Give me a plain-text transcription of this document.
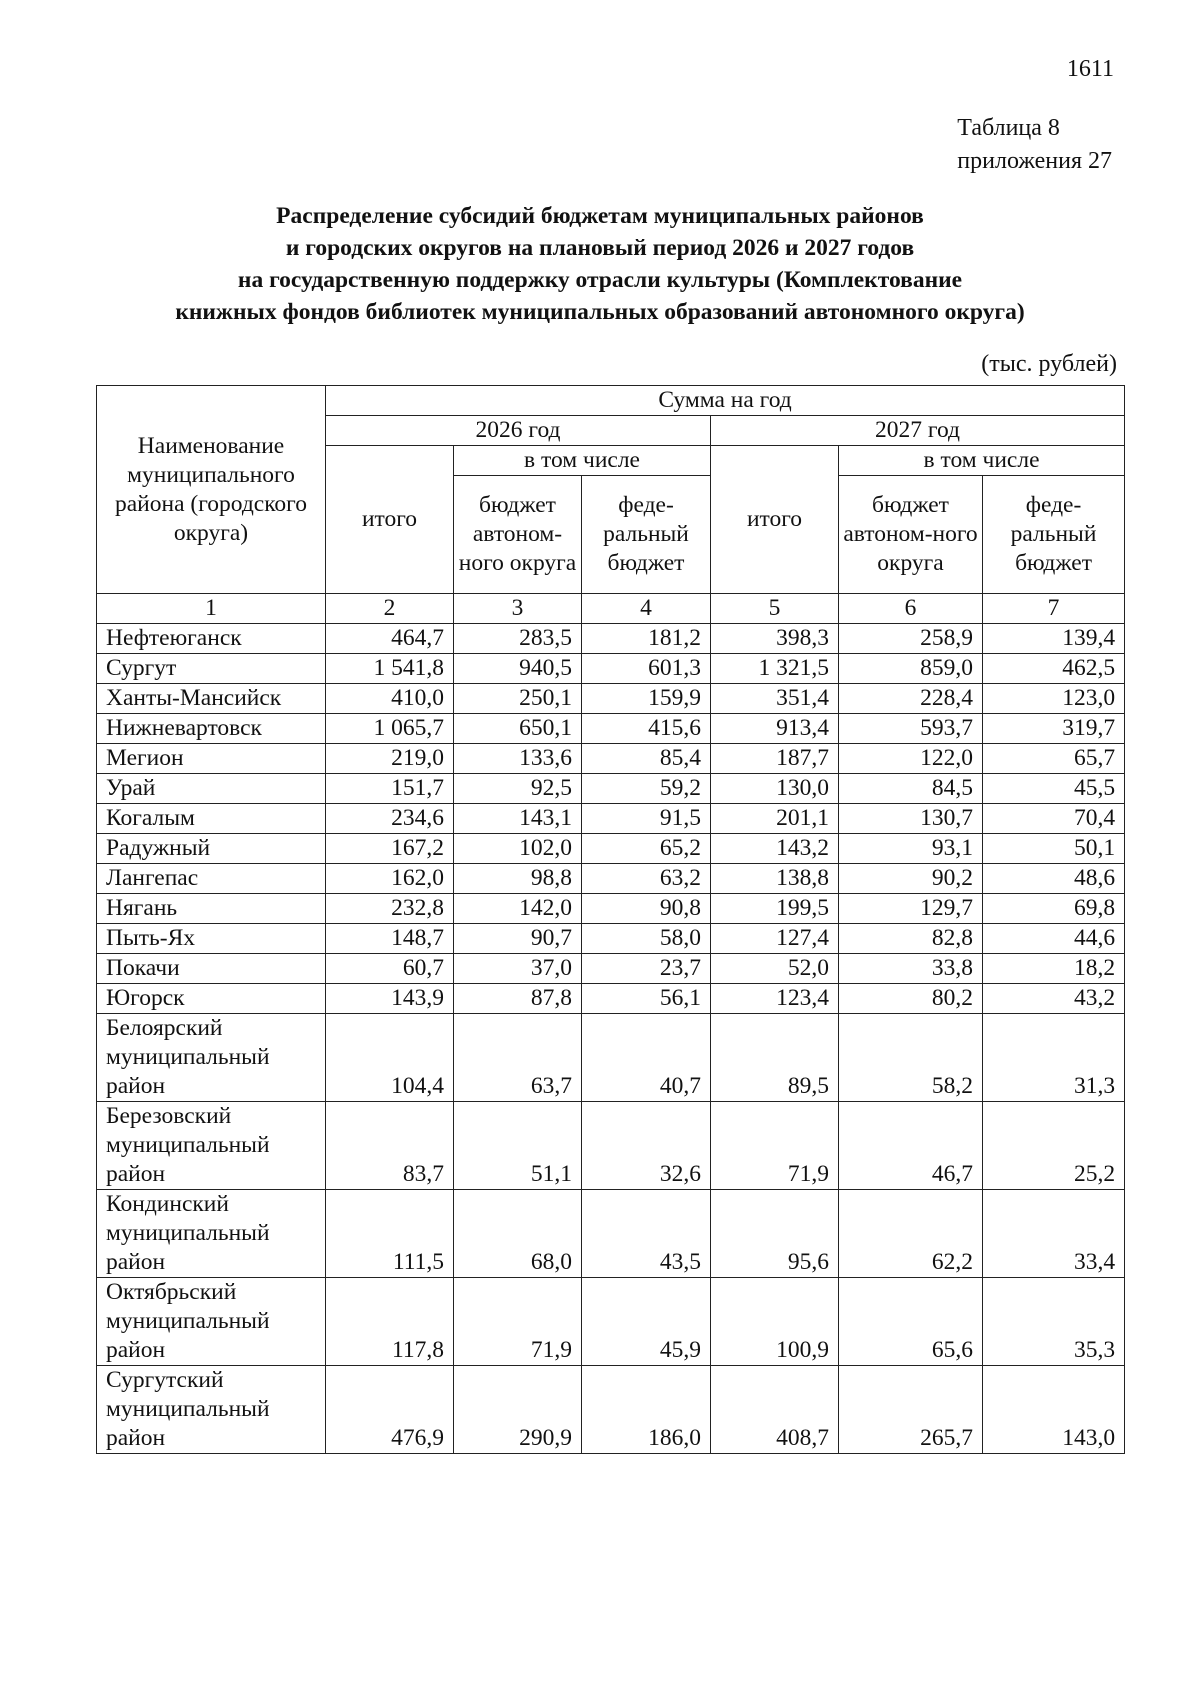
1611
Таблица 8
приложения 27
Распределение субсидий бюджетам муниципальных районов
и городских округов на плановый период 2026 и 2027 годов
на государственную поддержку отрасли культуры (Комплектование
книжных фондов библиотек муниципальных образований автономного округа)
(тыс. рублей)
Наименование муниципального района (городского округа)	Сумма на год					
	2026 год			2027 год		
	итого	в том числе		итого	в том числе	
		бюджет автоном-ного округа	феде-ральный бюджет		бюджет автоном-ного округа	феде-ральный бюджет
1	2	3	4	5	6	7
Нефтеюганск	464,7	283,5	181,2	398,3	258,9	139,4
Сургут	1 541,8	940,5	601,3	1 321,5	859,0	462,5
Ханты-Мансийск	410,0	250,1	159,9	351,4	228,4	123,0
Нижневартовск	1 065,7	650,1	415,6	913,4	593,7	319,7
Мегион	219,0	133,6	85,4	187,7	122,0	65,7
Урай	151,7	92,5	59,2	130,0	84,5	45,5
Когалым	234,6	143,1	91,5	201,1	130,7	70,4
Радужный	167,2	102,0	65,2	143,2	93,1	50,1
Лангепас	162,0	98,8	63,2	138,8	90,2	48,6
Нягань	232,8	142,0	90,8	199,5	129,7	69,8
Пыть-Ях	148,7	90,7	58,0	127,4	82,8	44,6
Покачи	60,7	37,0	23,7	52,0	33,8	18,2
Югорск	143,9	87,8	56,1	123,4	80,2	43,2
Белоярский муниципальный район	104,4	63,7	40,7	89,5	58,2	31,3
Березовский муниципальный район	83,7	51,1	32,6	71,9	46,7	25,2
Кондинский муниципальный район	111,5	68,0	43,5	95,6	62,2	33,4
Октябрьский муниципальный район	117,8	71,9	45,9	100,9	65,6	35,3
Сургутский муниципальный район	476,9	290,9	186,0	408,7	265,7	143,0
